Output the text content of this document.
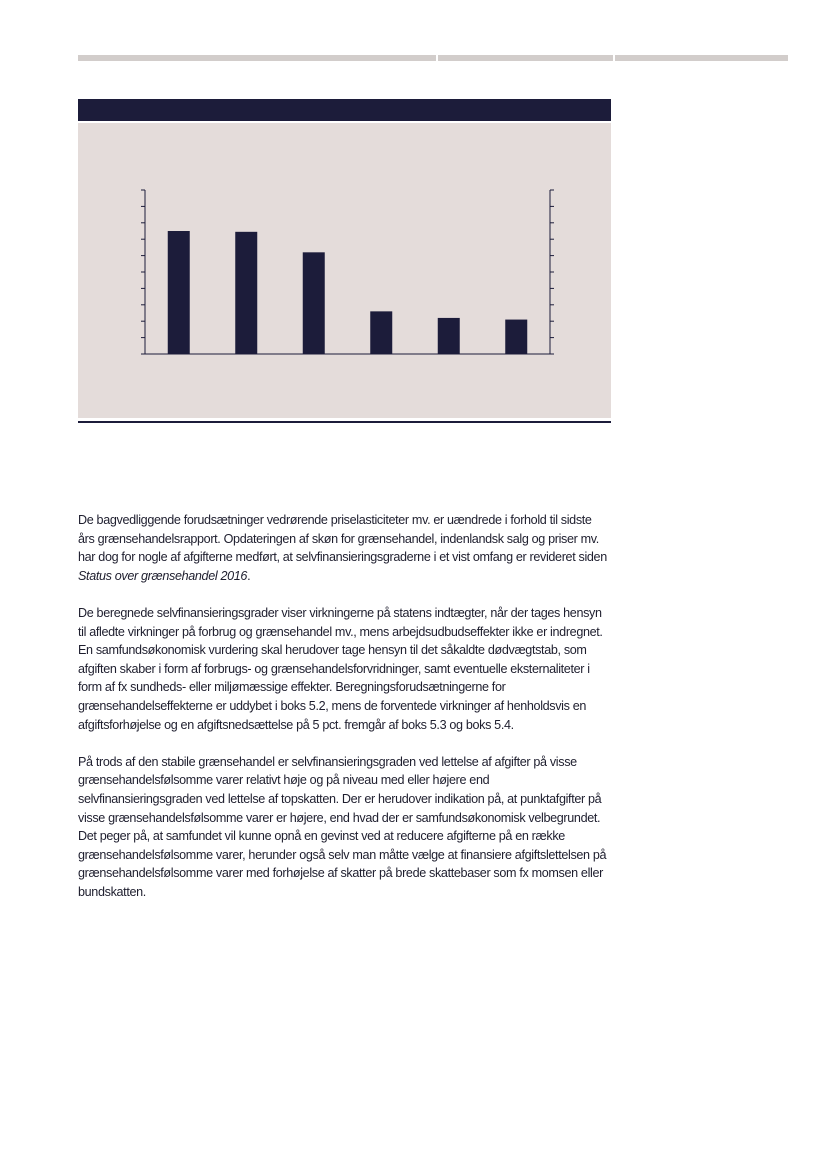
De bagvedliggende forudsætninger vedrørende priselasticiteter mv. er uændrede i forhold til sidste års grænsehandelsrapport. Opdateringen af skøn for grænsehandel, indenlandsk salg og priser mv. har dog for nogle af afgifterne medført, at selvfinansieringsgraderne i et vist omfang er revideret siden Status over grænsehandel 2016.

De beregnede selvfinansieringsgrader viser virkningerne på statens indtægter, når der tages hensyn til afledte virkninger på forbrug og grænsehandel mv., mens arbejdsudbudseffekter ikke er indregnet. En samfundsøkonomisk vurdering skal herudover tage hensyn til det såkaldte dødvægtstab, som afgiften skaber i form af forbrugs- og grænsehandelsforvridninger, samt eventuelle eksternaliteter i form af fx sundheds- eller miljømæssige effekter. Beregningsforudsætningerne for grænsehandelseffekterne er uddybet i boks 5.2, mens de forventede virkninger af henholdsvis en afgiftsforhøjelse og en afgiftsnedsættelse på 5 pct. fremgår af boks 5.3 og boks 5.4.

På trods af den stabile grænsehandel er selvfinansieringsgraden ved lettelse af afgifter på visse grænsehandelsfølsomme varer relativt høje og på niveau med eller højere end selvfinansieringsgraden ved lettelse af topskatten. Der er herudover indikation på, at punktafgifter på visse grænsehandelsfølsomme varer er højere, end hvad der er samfundsøkonomisk velbegrundet. Det peger på, at samfundet vil kunne opnå en gevinst ved at reducere afgifterne på en række grænsehandelsfølsomme varer, herunder også selv man måtte vælge at finansiere afgiftslettelsen på grænsehandelsfølsomme varer med forhøjelse af skatter på brede skattebaser som fx momsen eller bundskatten.
